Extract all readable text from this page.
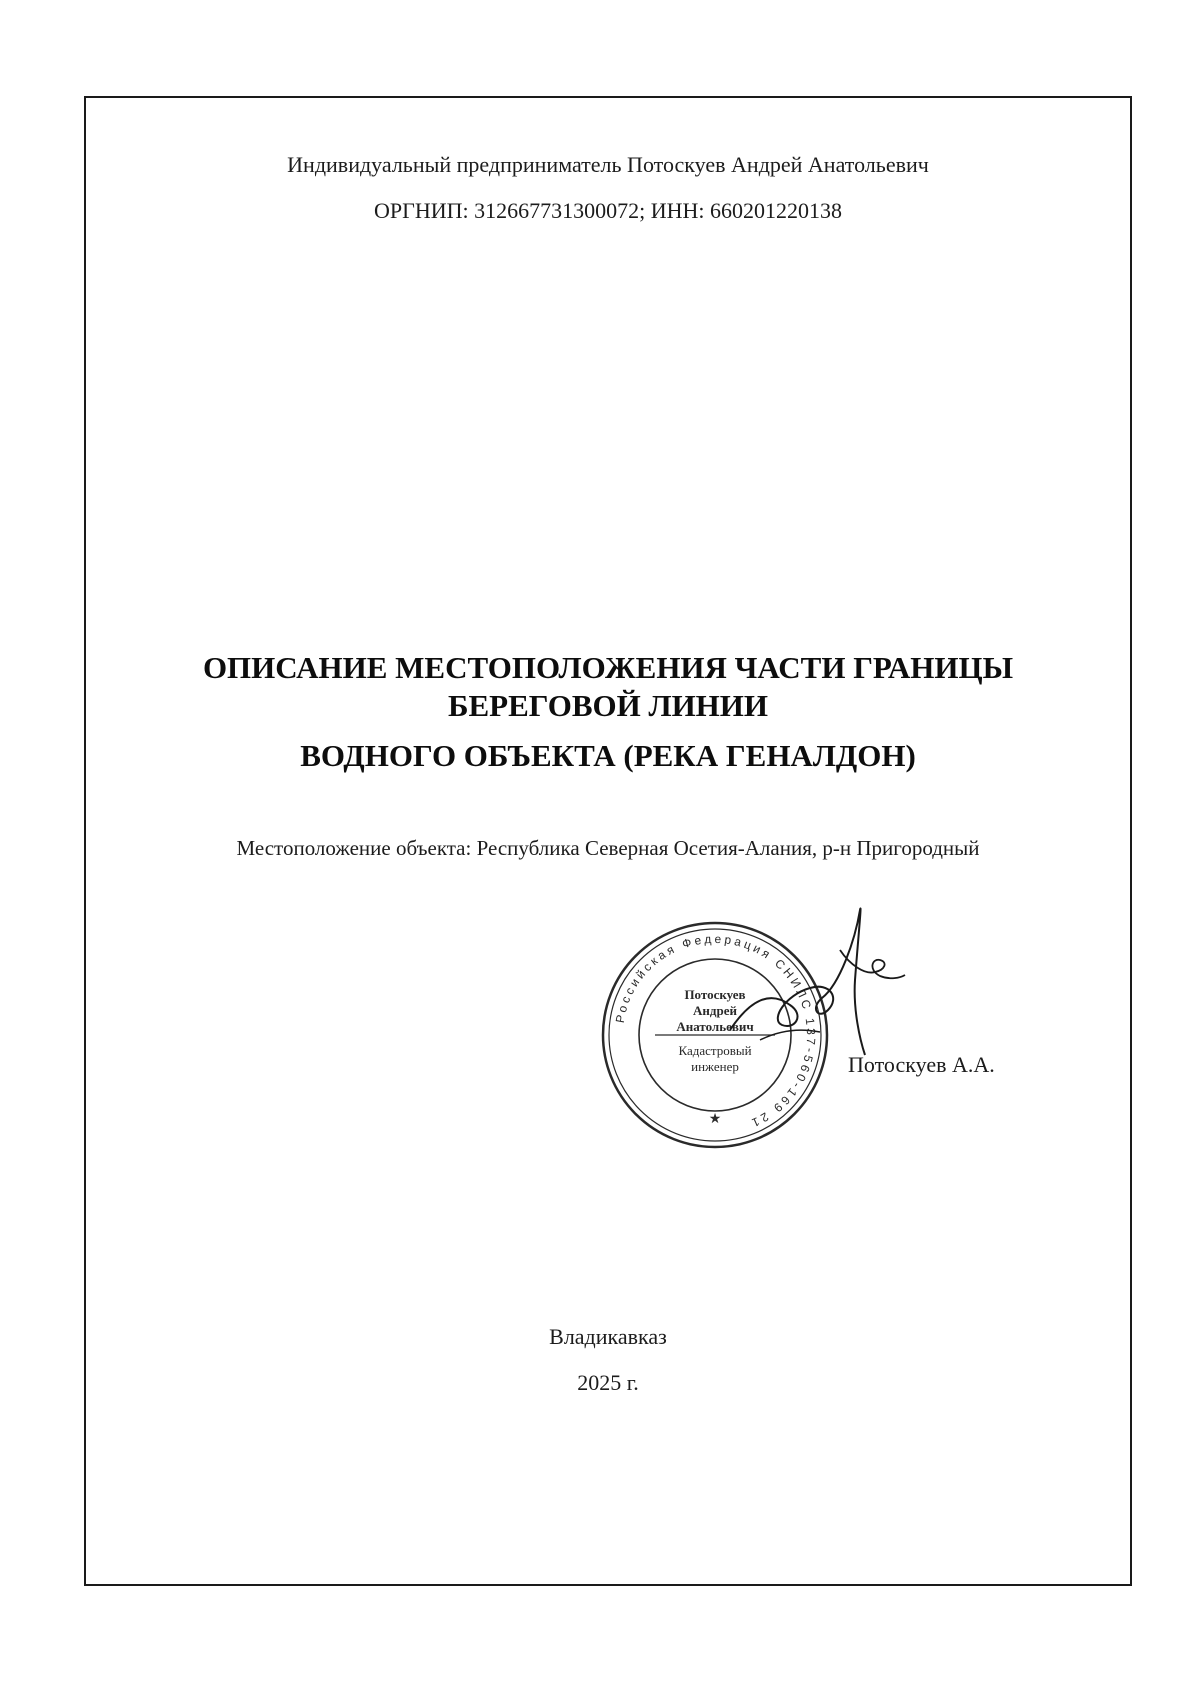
Индивидуальный предприниматель Потоскуев Андрей Анатольевич
ОРГНИП: 312667731300072; ИНН: 660201220138
ОПИСАНИЕ МЕСТОПОЛОЖЕНИЯ ЧАСТИ ГРАНИЦЫ
БЕРЕГОВОЙ ЛИНИИ
ВОДНОГО ОБЪЕКТА (РЕКА ГЕНАЛДОН)
Местоположение объекта: Республика Северная Осетия-Алания, р-н Пригородный
Владикавказ
2025 г.
Российская Федерация СНИЛС 137-560-169 21
Потоскуев
Андрей
Анатольевич
Кадастровый
инженер
★
Потоскуев А.А.
